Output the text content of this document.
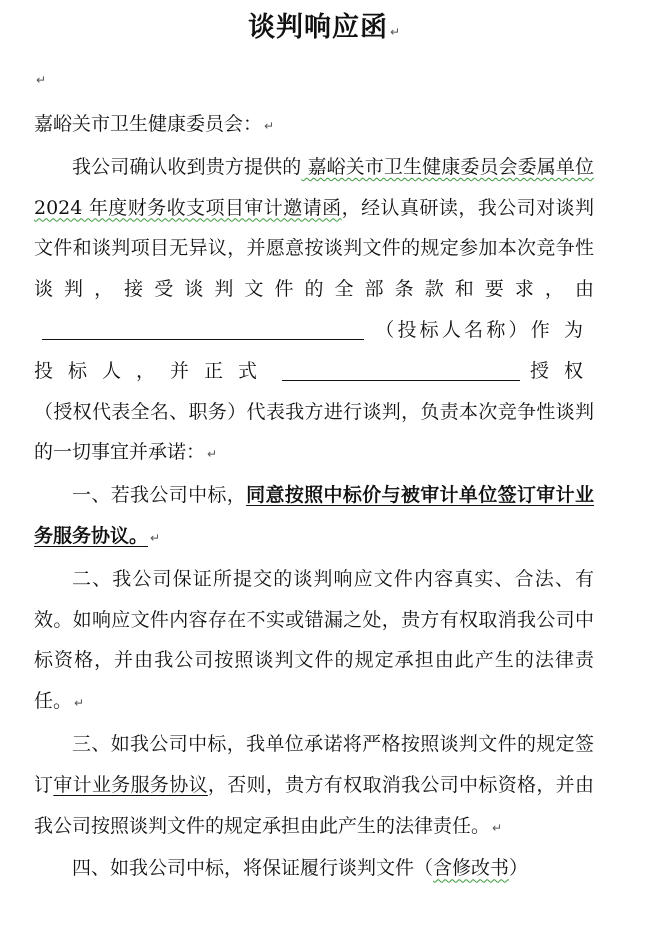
谈判响应函 ↵
↵

嘉峪关市卫生健康委员会： ↵

我公司确认收到贵方提供的 嘉峪关市卫生健康委员会委属单位 2024 年度财务收支项目审计邀请函，经认真研读，我公司对谈判文件和谈判项目无异议，并愿意按谈判文件的规定参加本次竞争性谈判，接受谈判文件的全部条款和要求，由（投标人名称）作为投标人，并正式	授权（授权代表全名、职务）代表我方进行谈判，负责本次竞争性谈判的一切事宜并承诺： ↵

一、若我公司中标，同意按照中标价与被审计单位签订审计业务服务协议。 ↵

二、我公司保证所提交的谈判响应文件内容真实、合法、有效。如响应文件内容存在不实或错漏之处，贵方有权取消我公司中标资格，并由我公司按照谈判文件的规定承担由此产生的法律责任。 ↵

三、如我公司中标，我单位承诺将严格按照谈判文件的规定签订审计业务服务协议，否则，贵方有权取消我公司中标资格，并由我公司按照谈判文件的规定承担由此产生的法律责任。 ↵

四、如我公司中标，将保证履行谈判文件（含修改书）
